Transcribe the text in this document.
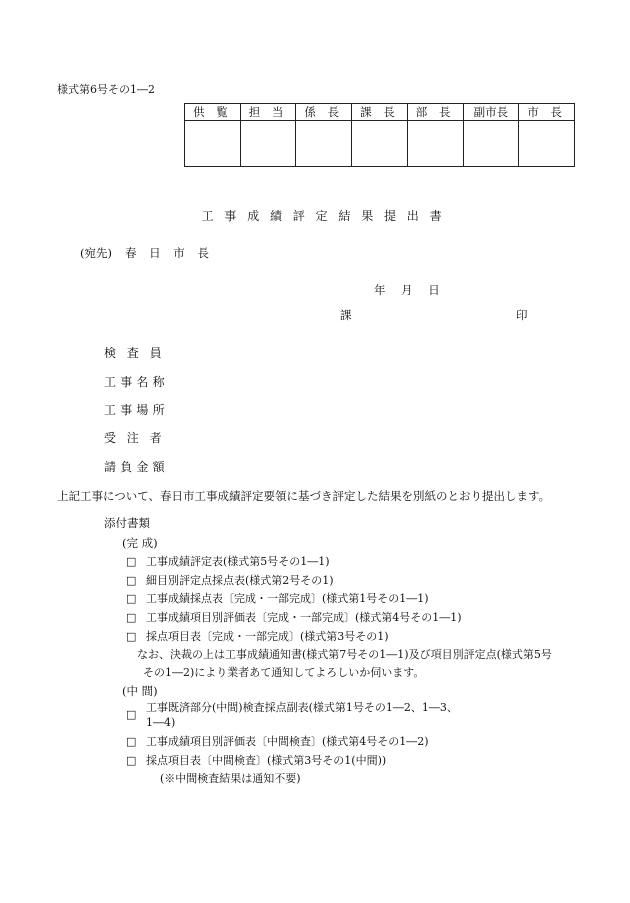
様式第6号その1―2
供 覧	担 当	係 長	課 長	部 長	副市長	市 長

工事成績評定結果提出書
(宛先) 春日市長
年 月 日
課	印
検査員
工事名称
工事場所
受注者
請負金額
上記工事について、春日市工事成績評定要領に基づき評定した結果を別紙のとおり提出します。
添付書類
(完 成)
□ 工事成績評定表(様式第5号その1―1)
□ 細目別評定点採点表(様式第2号その1)
□ 工事成績採点表〔完成・一部完成〕(様式第1号その1―1)
□ 工事成績項目別評価表〔完成・一部完成〕(様式第4号その1―1)
□ 採点項目表〔完成・一部完成〕(様式第3号その1)
なお、決裁の上は工事成績通知書(様式第7号その1―1)及び項目別評定点(様式第5号
その1―2)により業者あて通知してよろしいか伺います。
(中 間)
□工事既済部分(中間)検査採点副表(様式第1号その1―2、1―3、1―4)
□ 工事成績項目別評価表〔中間検査〕(様式第4号その1―2)
□ 採点項目表〔中間検査〕(様式第3号その1(中間))
(※中間検査結果は通知不要)
